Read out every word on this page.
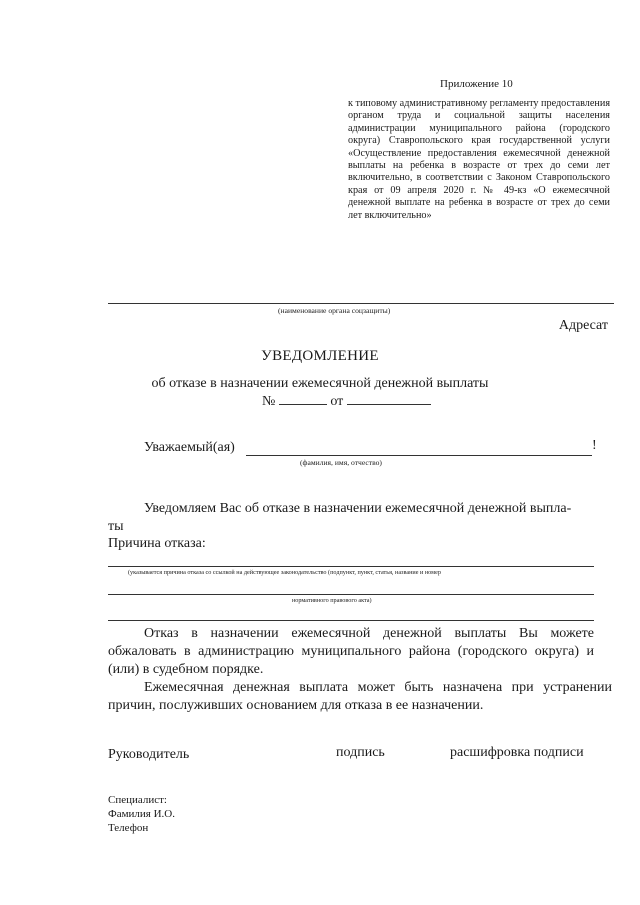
Приложение 10
к типовому административному регламенту предоставления органом труда и социальной защиты населения администрации муниципального района (городского округа) Ставропольского края государственной услуги «Осуществление предоставления ежемесячной денежной выплаты на ребенка в возрасте от трех до семи лет включительно, в соответствии с Законом Ставропольского края от 09 апреля 2020 г. № 49-кз «О ежемесячной денежной выплате на ребенка в возрасте от трех до семи лет включительно»
(наименование органа соцзащиты)
Адресат
УВЕДОМЛЕНИЕ
об отказе в назначении ежемесячной денежной выплаты
№	от
Уважаемый(ая)	!
(фамилия, имя, отчество)
Уведомляем Вас об отказе в назначении ежемесячной денежной выпла-
ты
Причина отказа:
(указывается причина отказа со ссылкой на действующее законодательство (подпункт, пункт, статья, название и номер
нормативного правового акта)
Отказ в назначении ежемесячной денежной выплаты Вы можете обжаловать в администрацию муниципального района (городского округа) и (или) в судебном порядке.
Ежемесячная денежная выплата может быть назначена при устранении причин, послуживших основанием для отказа в ее назначении.
Руководитель	подпись	расшифровка подписи
Специалист:
Фамилия И.О.
Телефон
